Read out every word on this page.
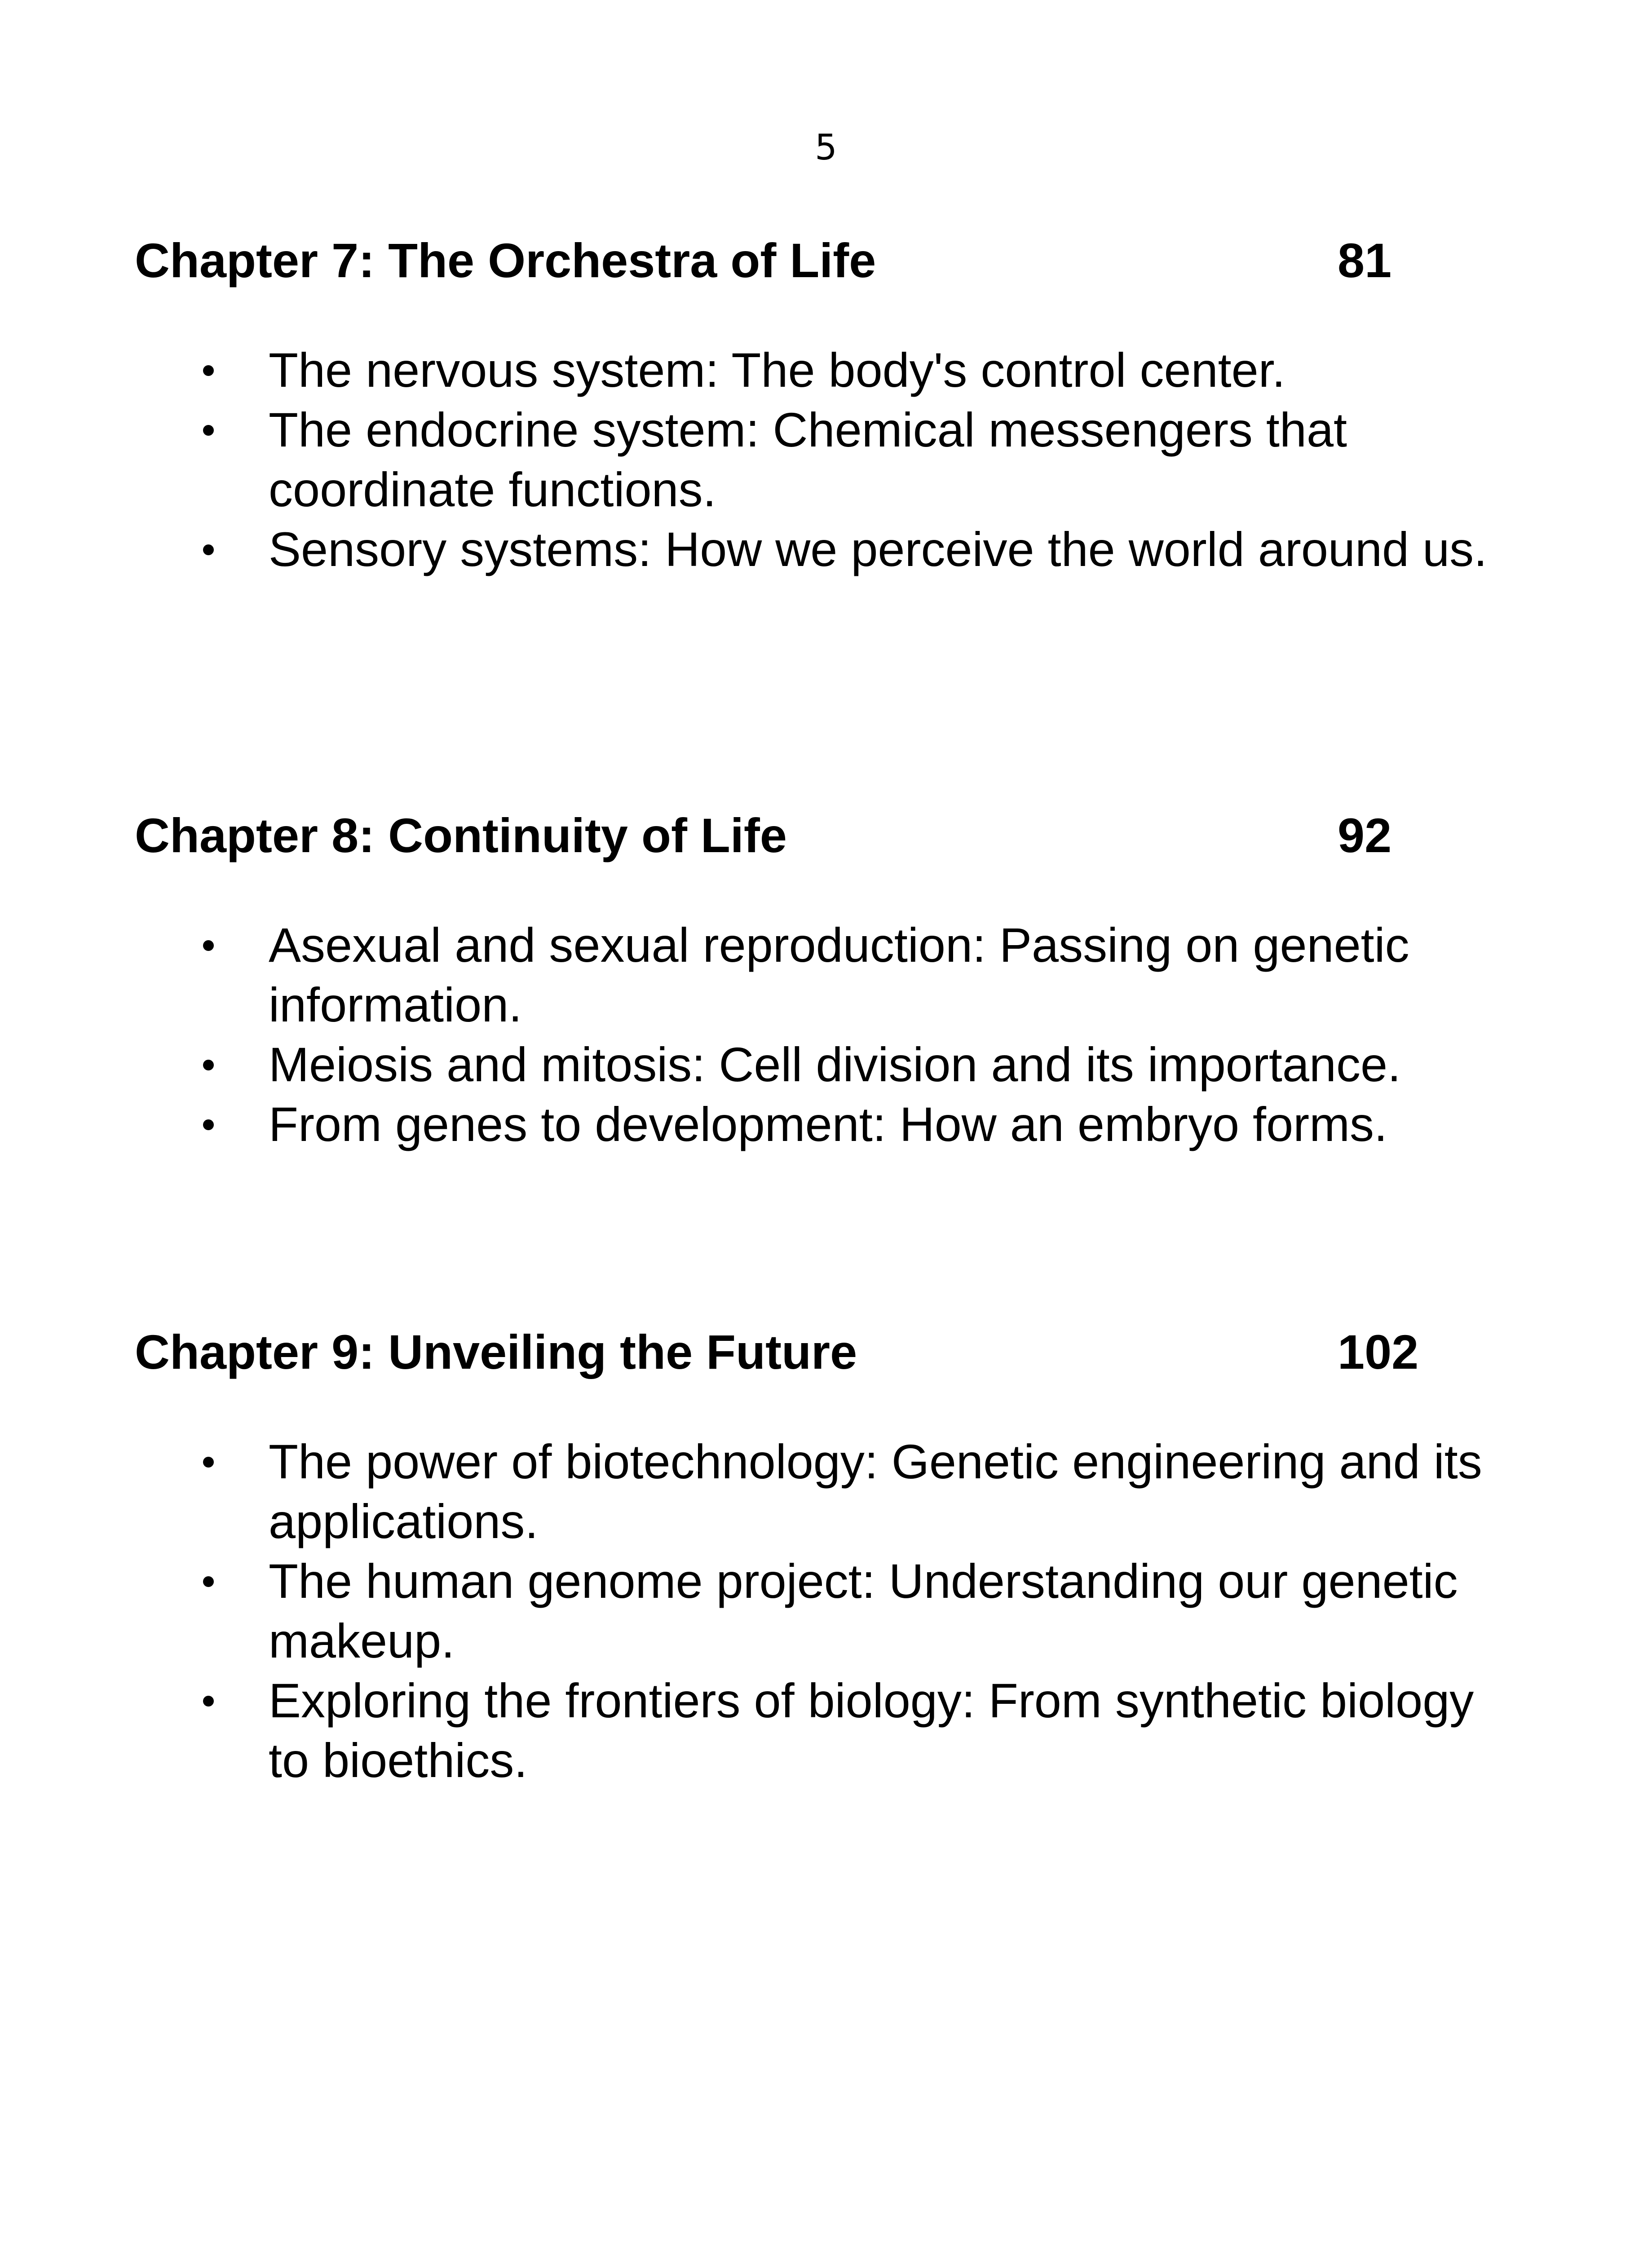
5
Chapter 7: The Orchestra of Life	81
The nervous system: The body's control center.
The endocrine system: Chemical messengers that coordinate functions.
Sensory systems: How we perceive the world around us.
Chapter 8: Continuity of Life	92
Asexual and sexual reproduction: Passing on genetic information.
Meiosis and mitosis: Cell division and its importance.
From genes to development: How an embryo forms.
Chapter 9: Unveiling the Future	102
The power of biotechnology: Genetic engineering and its applications.
The human genome project: Understanding our genetic makeup.
Exploring the frontiers of biology: From synthetic biology to bioethics.
